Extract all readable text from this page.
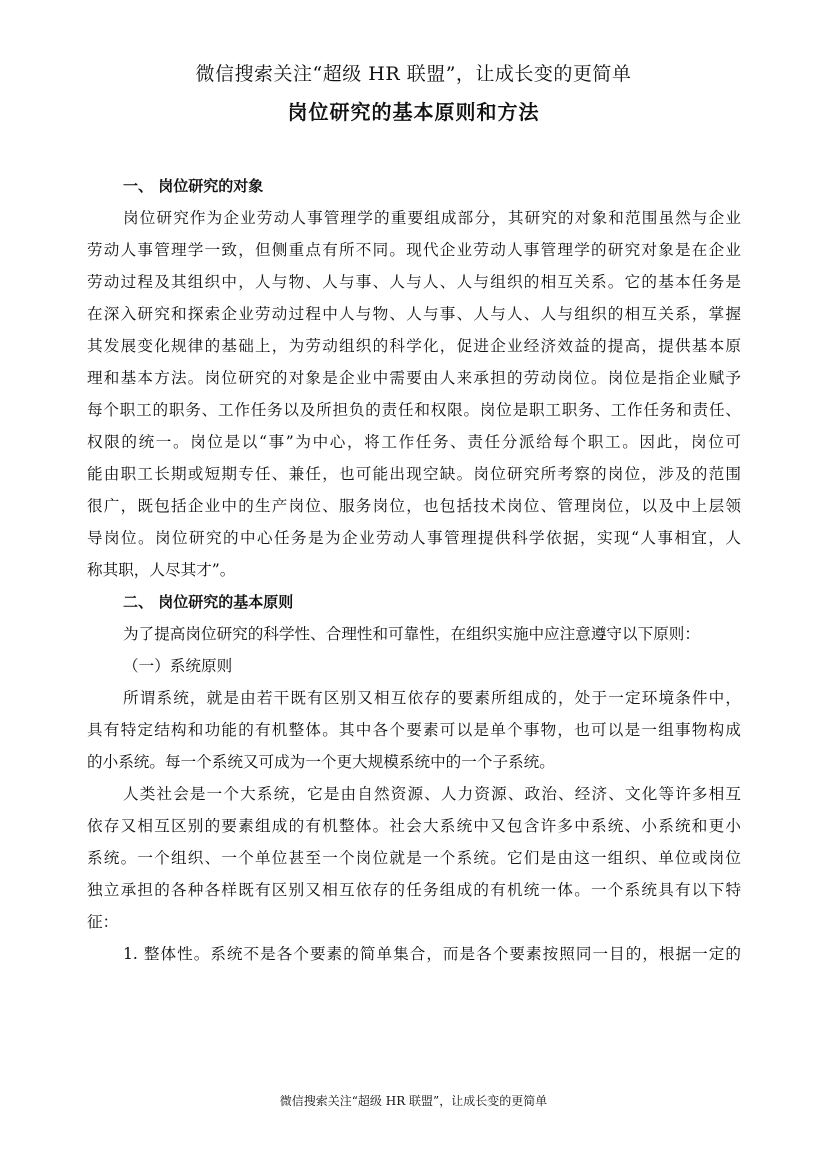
微信搜索关注“超级 HR 联盟”，让成长变的更简单
岗位研究的基本原则和方法
一、 岗位研究的对象
岗位研究作为企业劳动人事管理学的重要组成部分，其研究的对象和范围虽然与企业
劳动人事管理学一致，但侧重点有所不同。现代企业劳动人事管理学的研究对象是在企业
劳动过程及其组织中，人与物、人与事、人与人、人与组织的相互关系。它的基本任务是
在深入研究和探索企业劳动过程中人与物、人与事、人与人、人与组织的相互关系，掌握
其发展变化规律的基础上，为劳动组织的科学化，促进企业经济效益的提高，提供基本原
理和基本方法。岗位研究的对象是企业中需要由人来承担的劳动岗位。岗位是指企业赋予
每个职工的职务、工作任务以及所担负的责任和权限。岗位是职工职务、工作任务和责任、
权限的统一。岗位是以“事”为中心，将工作任务、责任分派给每个职工。因此，岗位可
能由职工长期或短期专任、兼任，也可能出现空缺。岗位研究所考察的岗位，涉及的范围
很广，既包括企业中的生产岗位、服务岗位，也包括技术岗位、管理岗位，以及中上层领
导岗位。岗位研究的中心任务是为企业劳动人事管理提供科学依据，实现“人事相宜，人
称其职，人尽其才”。
二、 岗位研究的基本原则
为了提高岗位研究的科学性、合理性和可靠性，在组织实施中应注意遵守以下原则：
（一）系统原则
所谓系统，就是由若干既有区别又相互依存的要素所组成的，处于一定环境条件中，
具有特定结构和功能的有机整体。其中各个要素可以是单个事物，也可以是一组事物构成
的小系统。每一个系统又可成为一个更大规模系统中的一个子系统。
人类社会是一个大系统，它是由自然资源、人力资源、政治、经济、文化等许多相互
依存又相互区别的要素组成的有机整体。社会大系统中又包含许多中系统、小系统和更小
系统。一个组织、一个单位甚至一个岗位就是一个系统。它们是由这一组织、单位或岗位
独立承担的各种各样既有区别又相互依存的任务组成的有机统一体。一个系统具有以下特
征：
1. 整体性。系统不是各个要素的简单集合，而是各个要素按照同一目的，根据一定的
微信搜索关注“超级 HR 联盟”，让成长变的更简单
